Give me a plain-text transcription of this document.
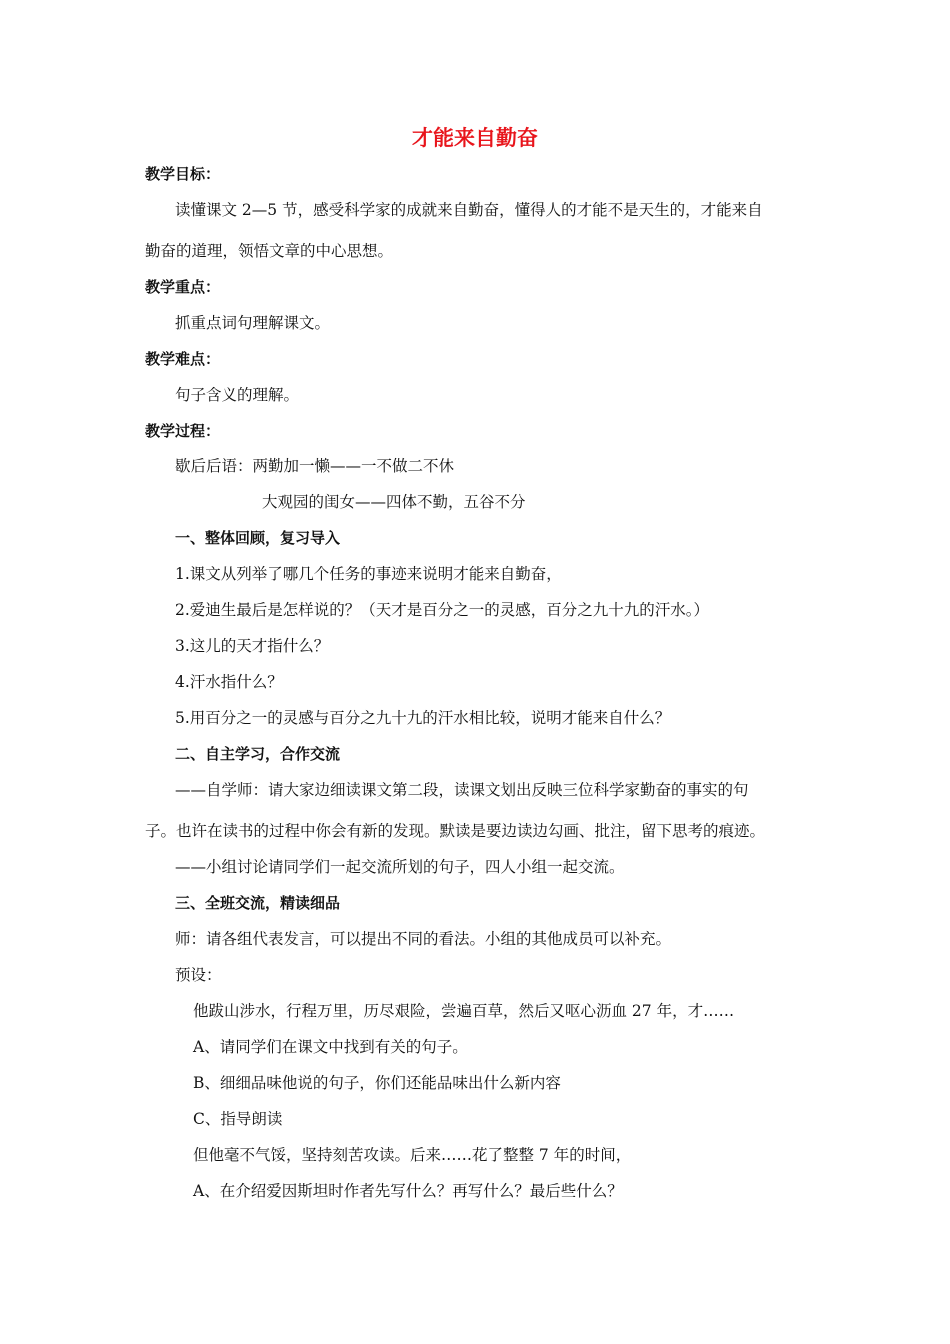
才能来自勤奋
教学目标：
读懂课文 2—5 节，感受科学家的成就来自勤奋，懂得人的才能不是天生的，才能来自
勤奋的道理，领悟文章的中心思想。
教学重点：
抓重点词句理解课文。
教学难点：
句子含义的理解。
教学过程：
歇后后语：两勤加一懒——一不做二不休
大观园的闺女——四体不勤，五谷不分
一、整体回顾，复习导入
1.课文从列举了哪几个任务的事迹来说明才能来自勤奋，
2.爱迪生最后是怎样说的？（天才是百分之一的灵感，百分之九十九的汗水。）
3.这儿的天才指什么？
4.汗水指什么？
5.用百分之一的灵感与百分之九十九的汗水相比较，说明才能来自什么？
二、自主学习，合作交流
——自学师：请大家边细读课文第二段，读课文划出反映三位科学家勤奋的事实的句
子。也许在读书的过程中你会有新的发现。默读是要边读边勾画、批注，留下思考的痕迹。
——小组讨论请同学们一起交流所划的句子，四人小组一起交流。
三、全班交流，精读细品
师：请各组代表发言，可以提出不同的看法。小组的其他成员可以补充。
预设：
他跋山涉水，行程万里，历尽艰险，尝遍百草，然后又呕心沥血 27 年，才……
A、请同学们在课文中找到有关的句子。
B、细细品味他说的句子，你们还能品味出什么新内容
C、指导朗读
但他毫不气馁，坚持刻苦攻读。后来……花了整整 7 年的时间，
A、在介绍爱因斯坦时作者先写什么？再写什么？最后些什么？
